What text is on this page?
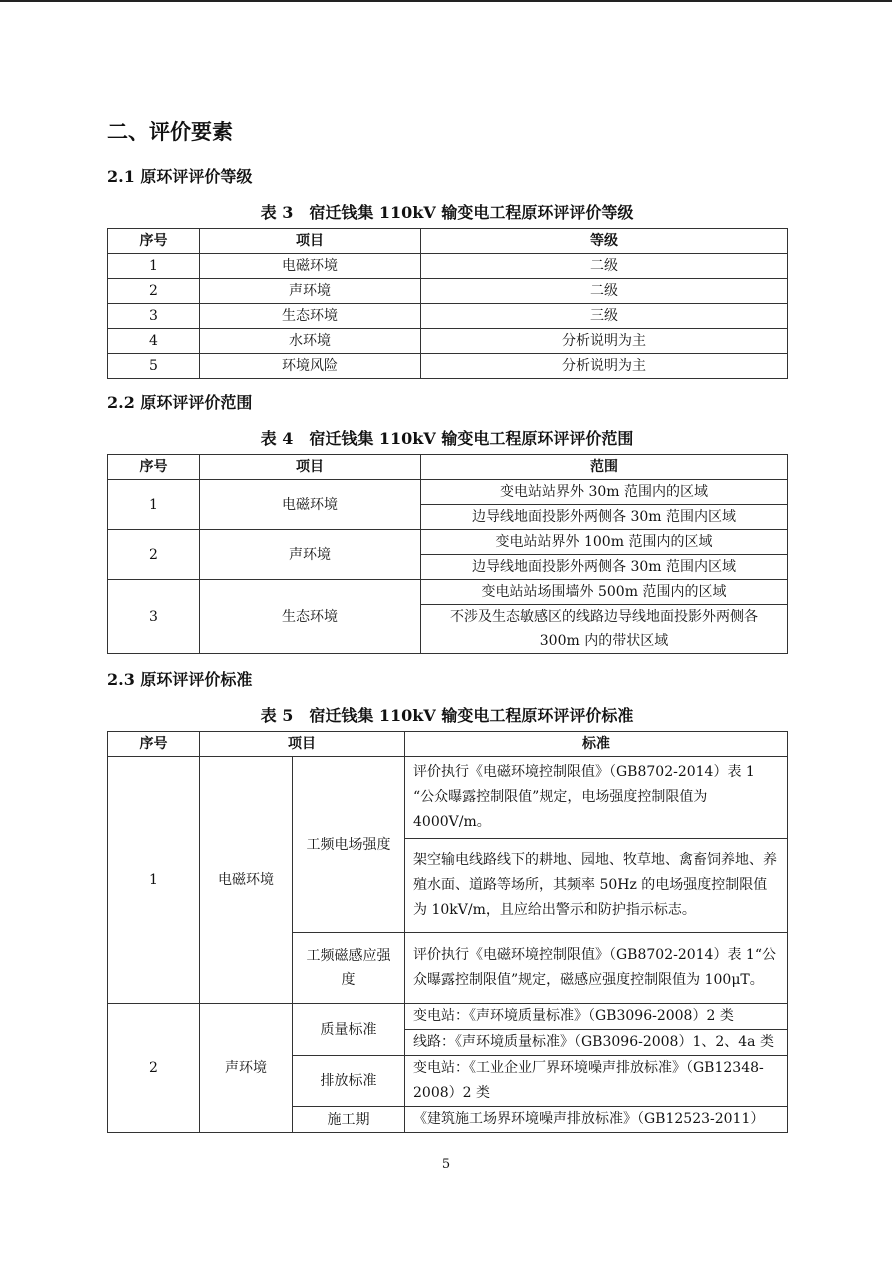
二、评价要素
2.1 原环评评价等级
表 3　宿迁钱集 110kV 输变电工程原环评评价等级
序号	项目	等级
1	电磁环境	二级
2	声环境	二级
3	生态环境	三级
4	水环境	分析说明为主
5	环境风险	分析说明为主
2.2 原环评评价范围
表 4　宿迁钱集 110kV 输变电工程原环评评价范围
序号	项目	范围
1	电磁环境	变电站站界外 30m 范围内的区域
		边导线地面投影外两侧各 30m 范围内区域
2	声环境	变电站站界外 100m 范围内的区域
		边导线地面投影外两侧各 30m 范围内区域
3	生态环境	变电站站场围墙外 500m 范围内的区域
		不涉及生态敏感区的线路边导线地面投影外两侧各 300m 内的带状区域
2.3 原环评评价标准
表 5　宿迁钱集 110kV 输变电工程原环评评价标准
序号	项目		标准
1	电磁环境	工频电场强度	评价执行《电磁环境控制限值》（GB8702-2014）表 1 “公众曝露控制限值”规定，电场强度控制限值为 4000V/m。
			架空输电线路线下的耕地、园地、牧草地、禽畜饲养地、养殖水面、道路等场所，其频率 50Hz 的电场强度控制限值为 10kV/m，且应给出警示和防护指示标志。
		工频磁感应强度	评价执行《电磁环境控制限值》（GB8702-2014）表 1“公众曝露控制限值”规定，磁感应强度控制限值为 100μT。
2	声环境	质量标准	变电站：《声环境质量标准》（GB3096-2008）2 类
			线路：《声环境质量标准》（GB3096-2008）1、2、4a 类
		排放标准	变电站：《工业企业厂界环境噪声排放标准》（GB12348-2008）2 类
		施工期	《建筑施工场界环境噪声排放标准》（GB12523-2011）
5
